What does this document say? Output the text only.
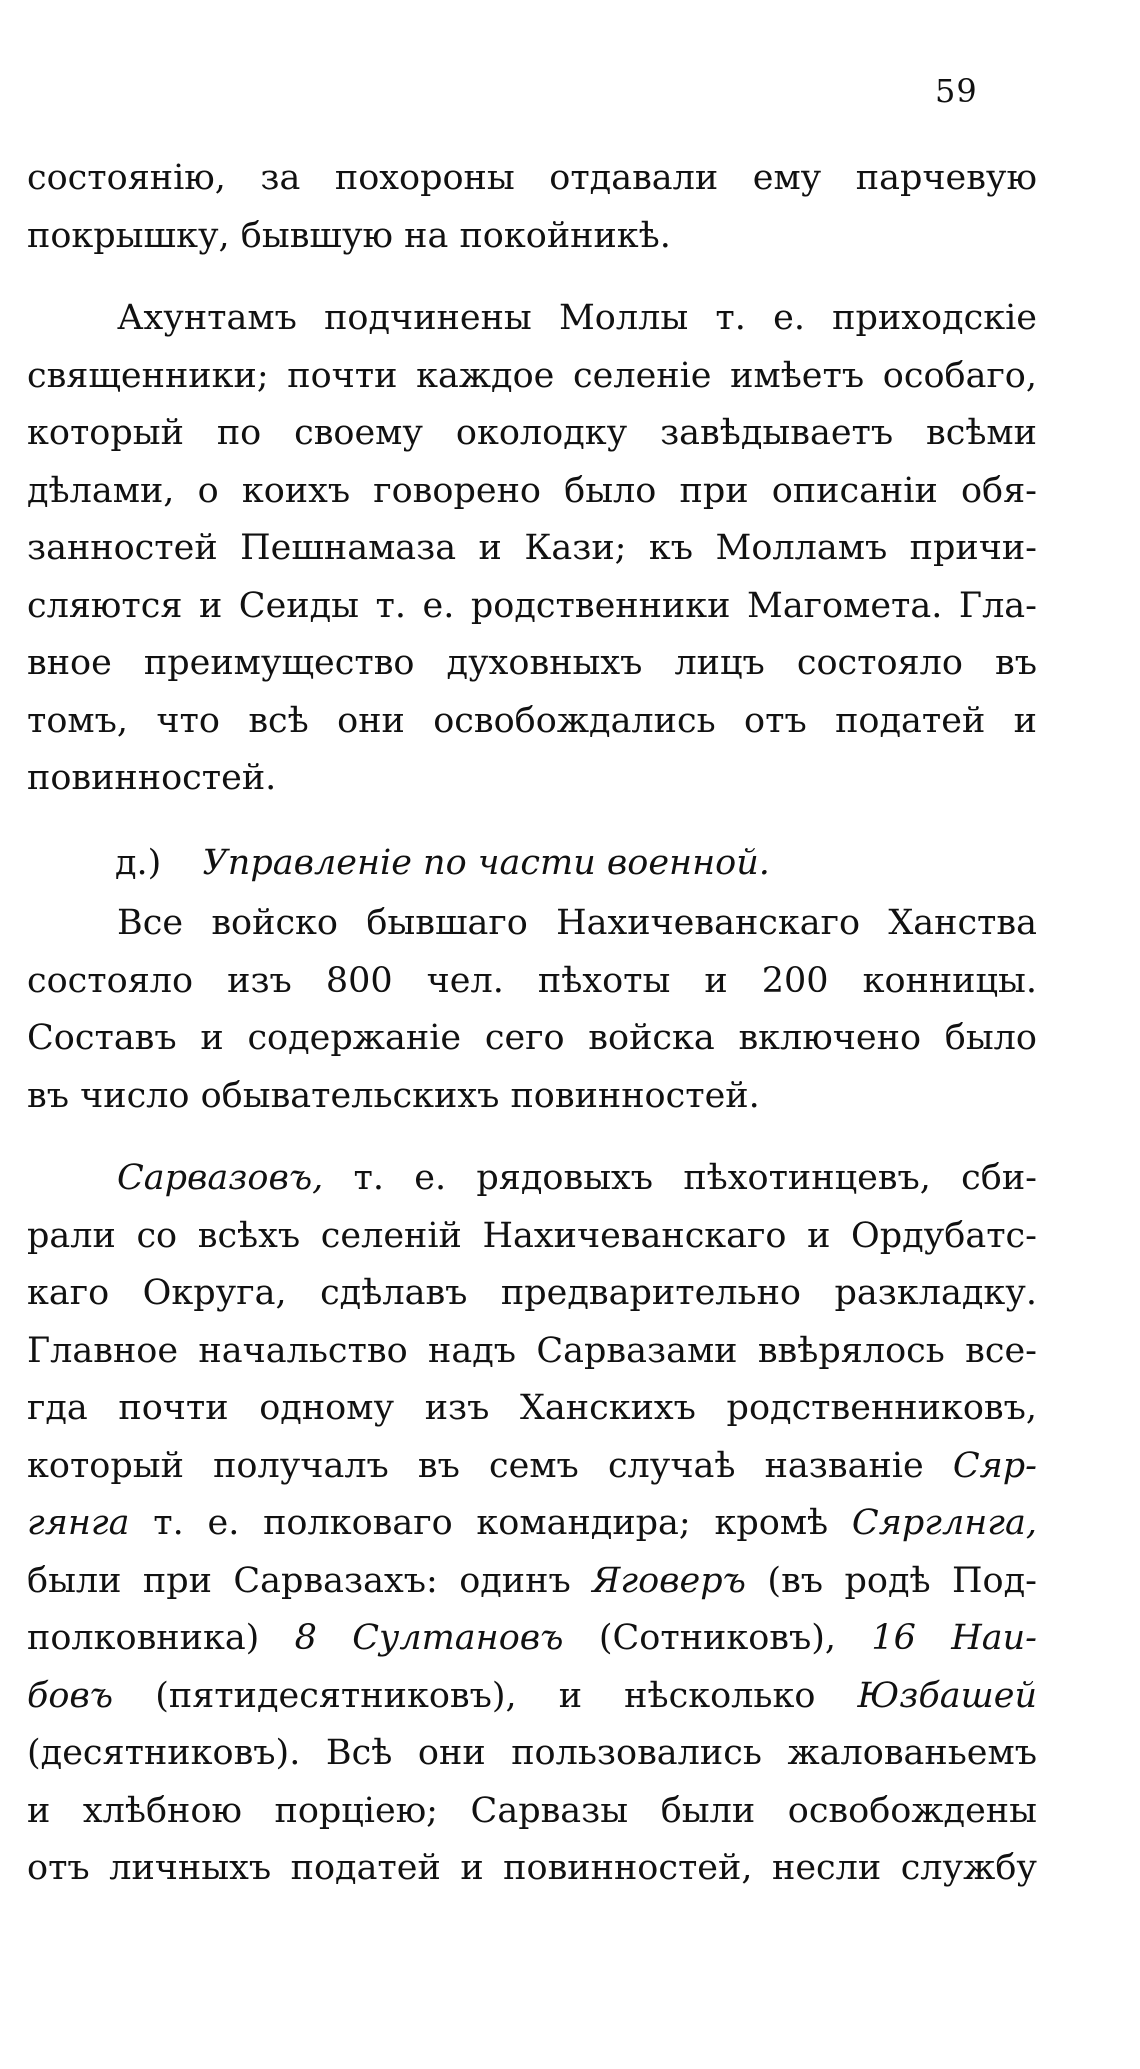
59
состоянію, за похороны отдавали ему парчевую
покрышку, бывшую на покойникѣ.
Ахунтамъ подчинены Моллы т. е. приходскіе
священники; почти каждое селеніе имѣетъ особаго,
который по своему околодку завѣдываетъ всѣми
дѣлами, о коихъ говорено было при описаніи обя-
занностей Пешнамаза и Кази; къ Молламъ причи-
сляются и Сеиды т. е. родственники Магомета. Гла-
вное преимущество духовныхъ лицъ состояло въ
томъ, что всѣ они освобождались отъ податей и
повинностей.
д.) Управленіе по части военной.
Все войско бывшаго Нахичеванскаго Ханства
состояло изъ 800 чел. пѣхоты и 200 конницы.
Составъ и содержаніе сего войска включено было
въ число обывательскихъ повинностей.
Сарвазовъ, т. е. рядовыхъ пѣхотинцевъ, сби-
рали со всѣхъ селеній Нахичеванскаго и Ордубатс-
каго Округа, сдѣлавъ предварительно разкладку.
Главное начальство надъ Сарвазами ввѣрялось все-
гда почти одному изъ Ханскихъ родственниковъ,
который получалъ въ семъ случаѣ названіе Сяр-
гянга т. е. полковаго командира; кромѣ Сярглнга,
были при Сарвазахъ: одинъ Яговеръ (въ родѣ Под-
полковника) 8 Султановъ (Сотниковъ), 16 Наи-
бовъ (пятидесятниковъ), и нѣсколько Юзбашей
(десятниковъ). Всѣ они пользовались жалованьемъ
и хлѣбною порціею; Сарвазы были освобождены
отъ личныхъ податей и повинностей, несли службу
